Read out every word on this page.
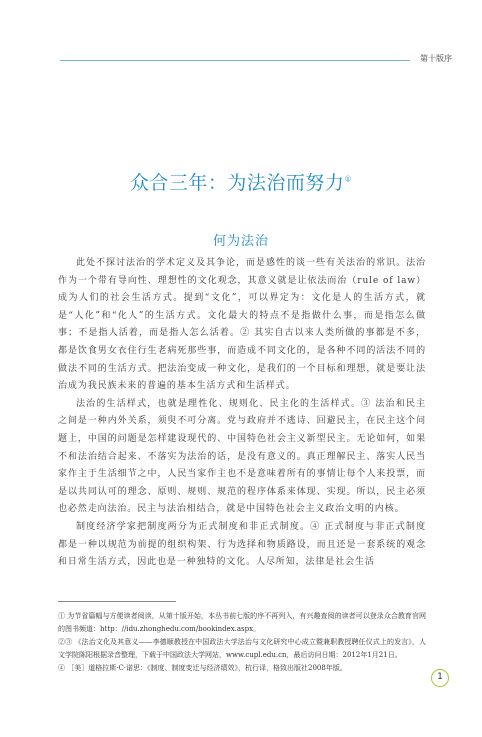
第十版序
众合三年：为法治而努力①
何为法治

此处不探讨法治的学术定义及其争论，而是感性的谈一些有关法治的常识。法治作为一个带有导向性、理想性的文化观念，其意义就是让依法而治（rule of law）成为人们的社会生活方式。提到“文化”，可以界定为：文化是人的生活方式，就是“人化”和“化人”的生活方式。文化最大的特点不是指做什么事，而是指怎么做事；不是指人活着，而是指人怎么活着。② 其实自古以来人类所做的事都是不多，都是饮食男女衣住行生老病死那些事，而造成不同文化的，是各种不同的活法不同的做法不同的生活方式。把法治变成一种文化，是我们的一个目标和理想，就是要让法治成为我民族未来的普遍的基本生活方式和生活样式。

法治的生活样式，也就是理性化、规则化、民主化的生活样式。③ 法治和民主之间是一种内外关系，须臾不可分离。党与政府并不逃诗、回避民主，在民主这个问题上，中国的问题是怎样建设现代的、中国特色社会主义新型民主。无论如何，如果不和法治结合起来、不落实为法治的话，是没有意义的。真正理解民主、落实人民当家作主于生活细节之中，人民当家作主也不是意味着所有的事情让每个人来投票，而是以共同认可的理念、原则、规则、规范的程序体系来体现、实现。所以，民主必须也必然走向法治。民主与法治相结合，就是中国特色社会主义政治文明的内核。

制度经济学家把制度两分为正式制度和非正式制度。④ 正式制度与非正式制度都是一种以规范为前提的组织构架、行为选择和物质路设，而且还是一套系统的观念和日常生活方式，因此也是一种独特的文化。人尽所知，法律是社会生活

① 为节省篇幅与方便读者阅读，从第十版开始，本丛书前七版的序不再列入，有兴趣查阅的读者可以登录众合教育官网的图书频道：http：//idu.zhonghedu.com/bookindex.aspx。

②③ 《法治文化及其意义——李德顺教授在中国政法大学法治与文化研究中心成立暨兼职教授聘任仪式上的发言》，人文学院陈阳根据录音整理，下载于中国政法大学网站，www.cupl.edu.cn，最后访问日期：2012年1月21日。

④ ［美］道格拉斯·C·诺思：《制度、制度变迁与经济绩效》，杭行译，格致出版社2008年版。

1
